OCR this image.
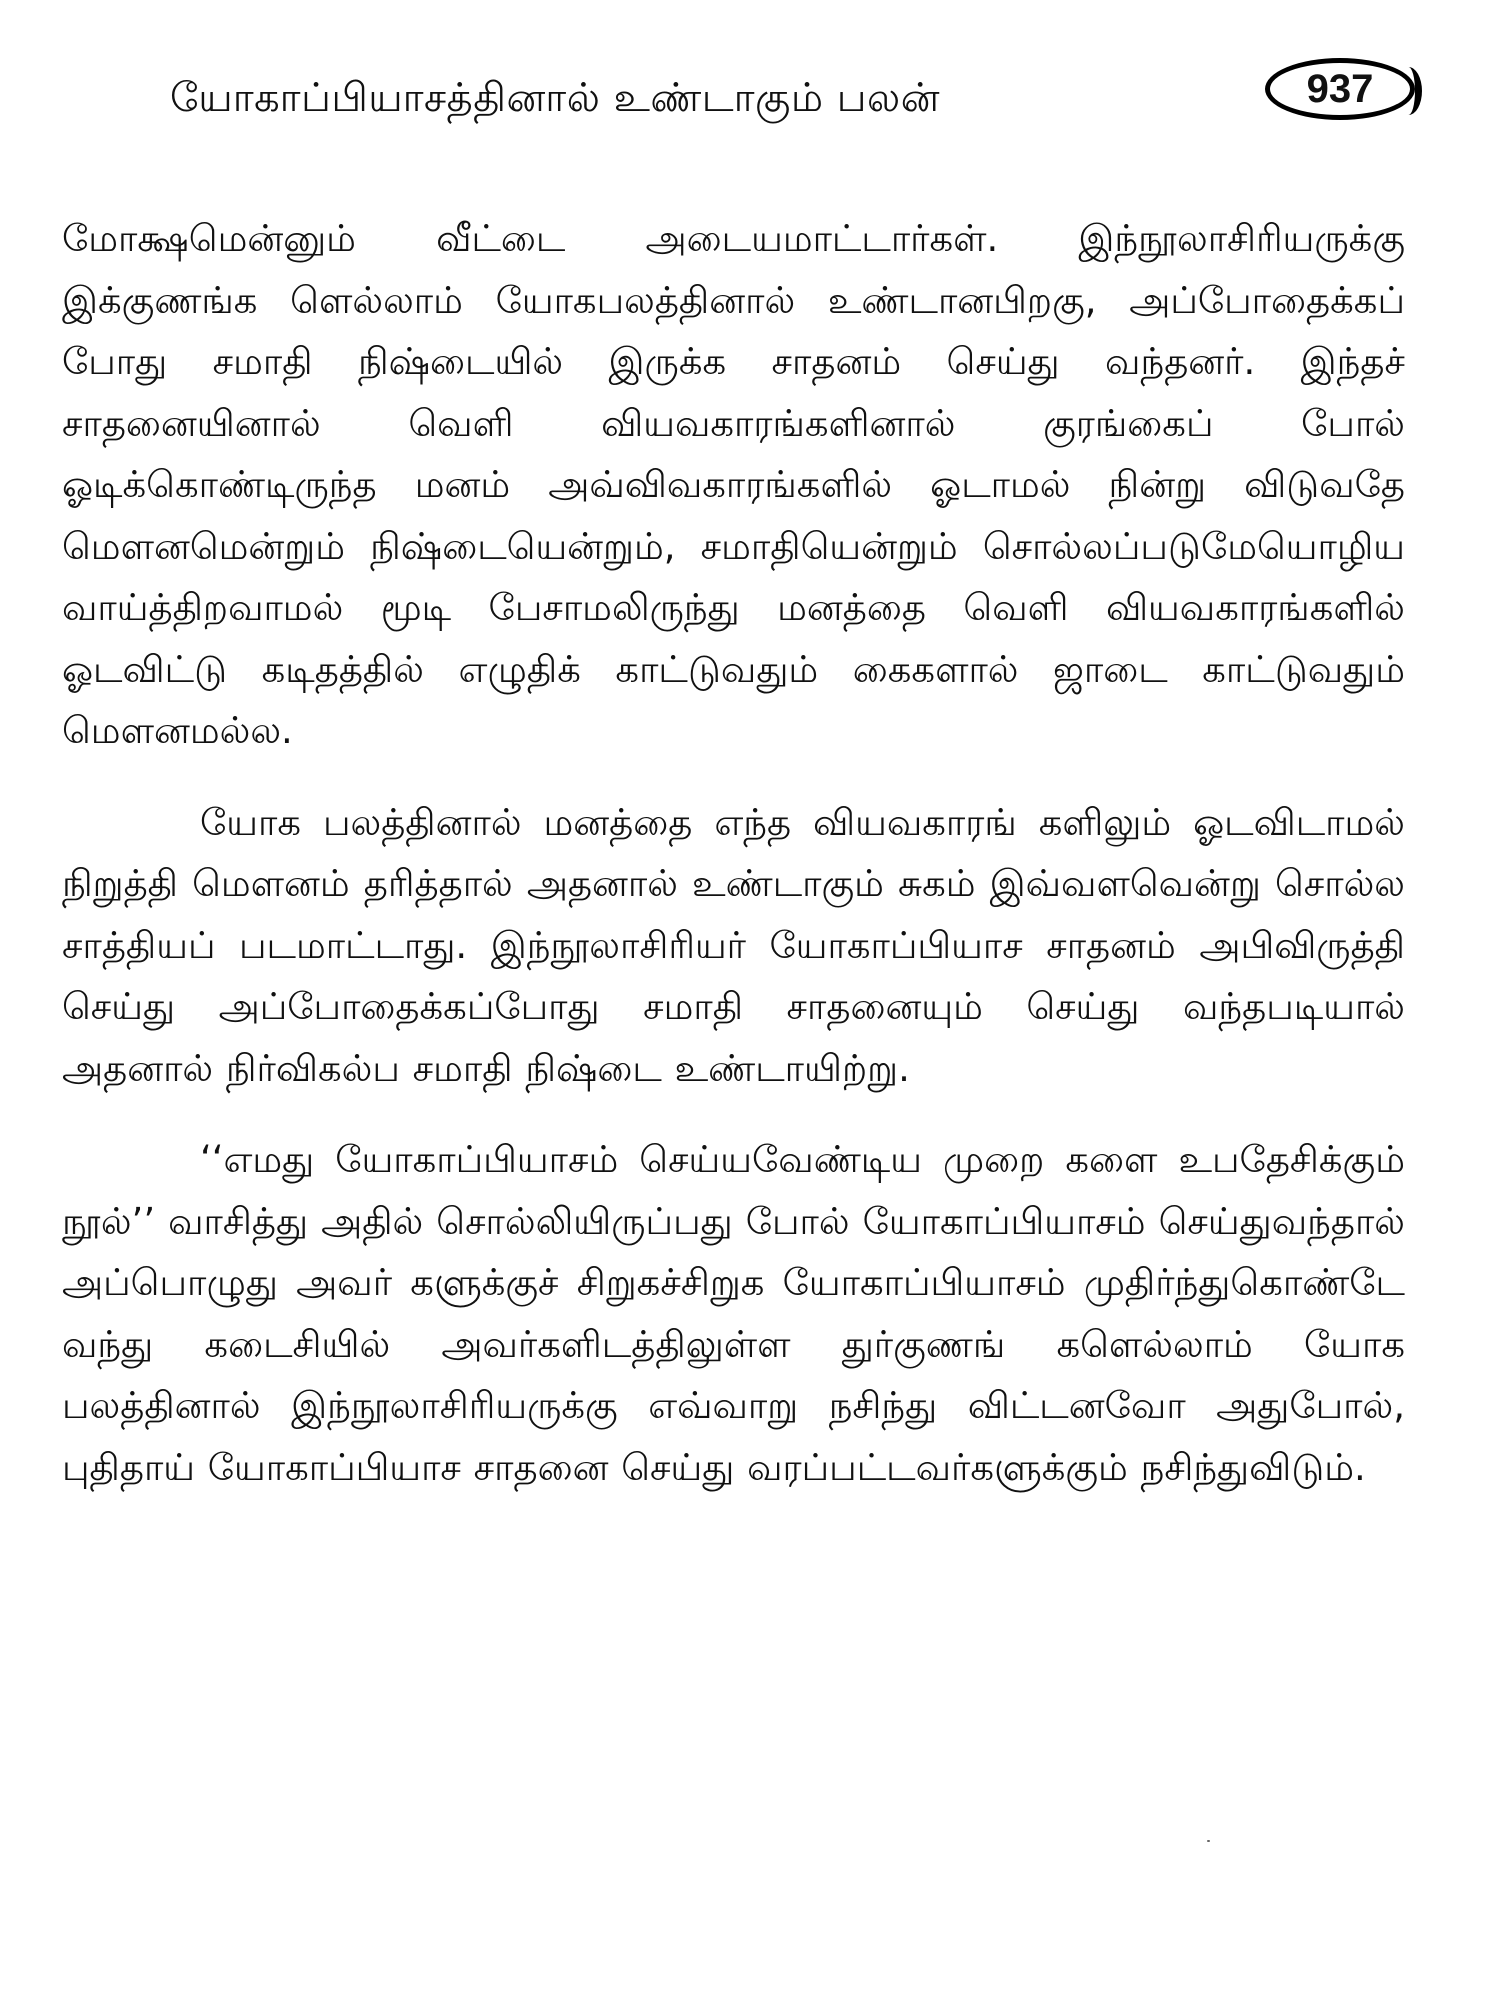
யோகாப்பியாசத்தினால் உண்டாகும் பலன்	937

மோக்ஷமென்னும் வீட்டை அடையமாட்டார்கள். இந்நூலாசிரியருக்கு இக்குணங்க ளெல்லாம் யோகபலத்தினால் உண்டானபிறகு, அப்போதைக்கப் போது சமாதி நிஷ்டையில் இருக்க சாதனம் செய்து வந்தனர். இந்தச் சாதனையினால் வெளி வியவகாரங்களினால் குரங்கைப் போல் ஓடிக்கொண்டிருந்த மனம் அவ்விவகாரங்களில் ஓடாமல் நின்று விடுவதே மௌனமென்றும் நிஷ்டையென்றும், சமாதியென்றும் சொல்லப்படுமேயொழிய வாய்த்திறவாமல் மூடி பேசாமலிருந்து மனத்தை வெளி வியவகாரங்களில் ஓடவிட்டு கடிதத்தில் எழுதிக் காட்டுவதும் கைகளால் ஜாடை காட்டுவதும் மௌனமல்ல.

யோக பலத்தினால் மனத்தை எந்த வியவகாரங் களிலும் ஓடவிடாமல் நிறுத்தி மௌனம் தரித்தால் அதனால் உண்டாகும் சுகம் இவ்வளவென்று சொல்ல சாத்தியப் படமாட்டாது. இந்நூலாசிரியர் யோகாப்பியாச சாதனம் அபிவிருத்தி செய்து அப்போதைக்கப்போது சமாதி சாதனையும் செய்து வந்தபடியால் அதனால் நிர்விகல்ப சமாதி நிஷ்டை உண்டாயிற்று.

‘‘எமது யோகாப்பியாசம் செய்யவேண்டிய முறை களை உபதேசிக்கும் நூல்’’ வாசித்து அதில் சொல்லியிருப்பது போல் யோகாப்பியாசம் செய்துவந்தால் அப்பொழுது அவர் களுக்குச் சிறுகச்சிறுக யோகாப்பியாசம் முதிர்ந்துகொண்டே வந்து கடைசியில் அவர்களிடத்திலுள்ள துர்குணங் களெல்லாம் யோக பலத்தினால் இந்நூலாசிரியருக்கு எவ்வாறு நசிந்து விட்டனவோ அதுபோல், புதிதாய் யோகாப்பியாச சாதனை செய்து வரப்பட்டவர்களுக்கும் நசிந்துவிடும்.
